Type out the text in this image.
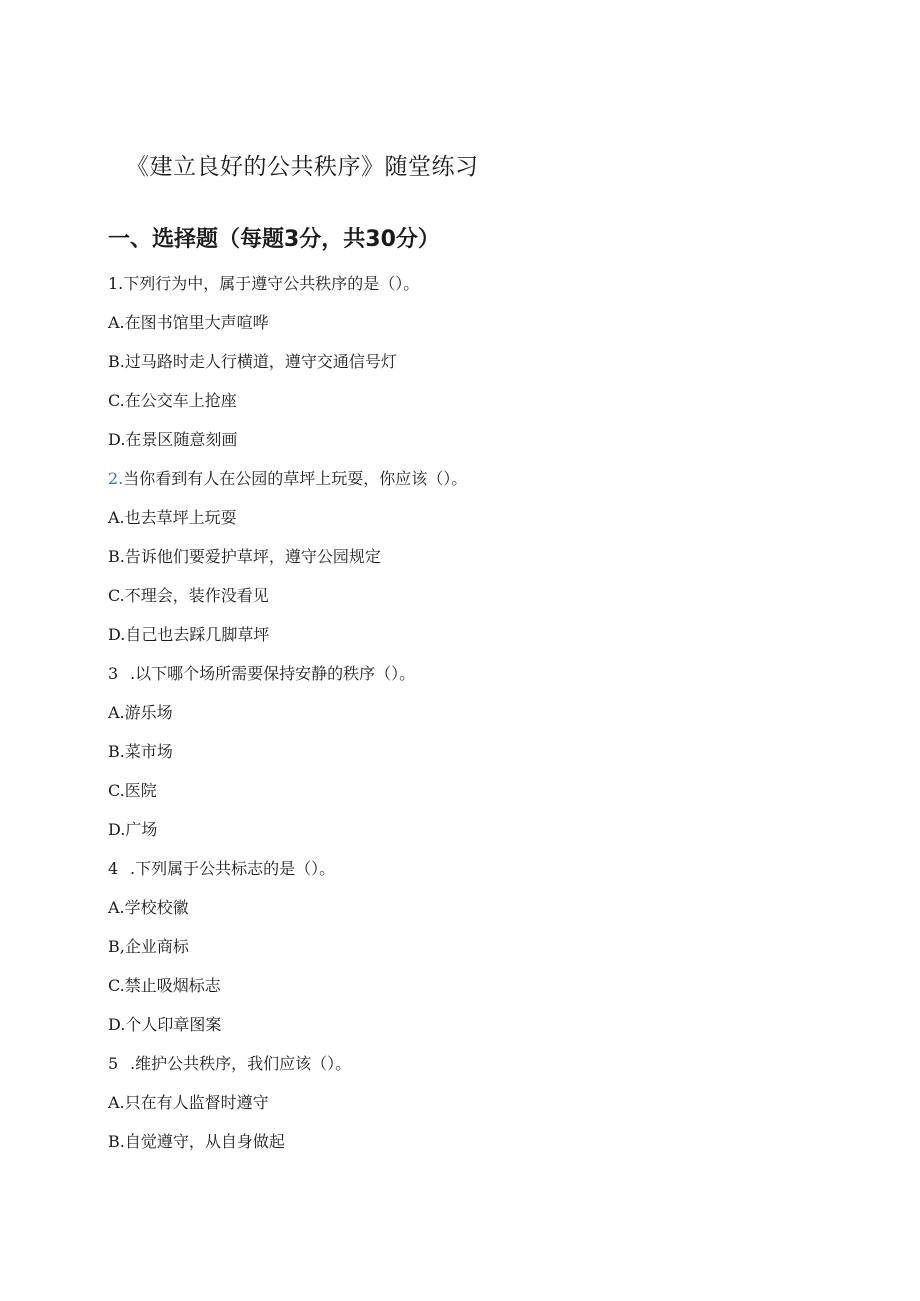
《建立良好的公共秩序》随堂练习
一、选择题（每题3分，共30分）
1.下列行为中，属于遵守公共秩序的是（）。
A.在图书馆里大声喧哗
B.过马路时走人行横道，遵守交通信号灯
C.在公交车上抢座
D.在景区随意刻画
2.当你看到有人在公园的草坪上玩耍，你应该（）。
A.也去草坪上玩耍
B.告诉他们要爱护草坪，遵守公园规定
C.不理会，装作没看见
D.自己也去踩几脚草坪
3 .以下哪个场所需要保持安静的秩序（）。
A.游乐场
B.菜市场
C.医院
D.广场
4 .下列属于公共标志的是（）。
A.学校校徽
B,企业商标
C.禁止吸烟标志
D.个人印章图案
5 .维护公共秩序，我们应该（）。
A.只在有人监督时遵守
B.自觉遵守，从自身做起
